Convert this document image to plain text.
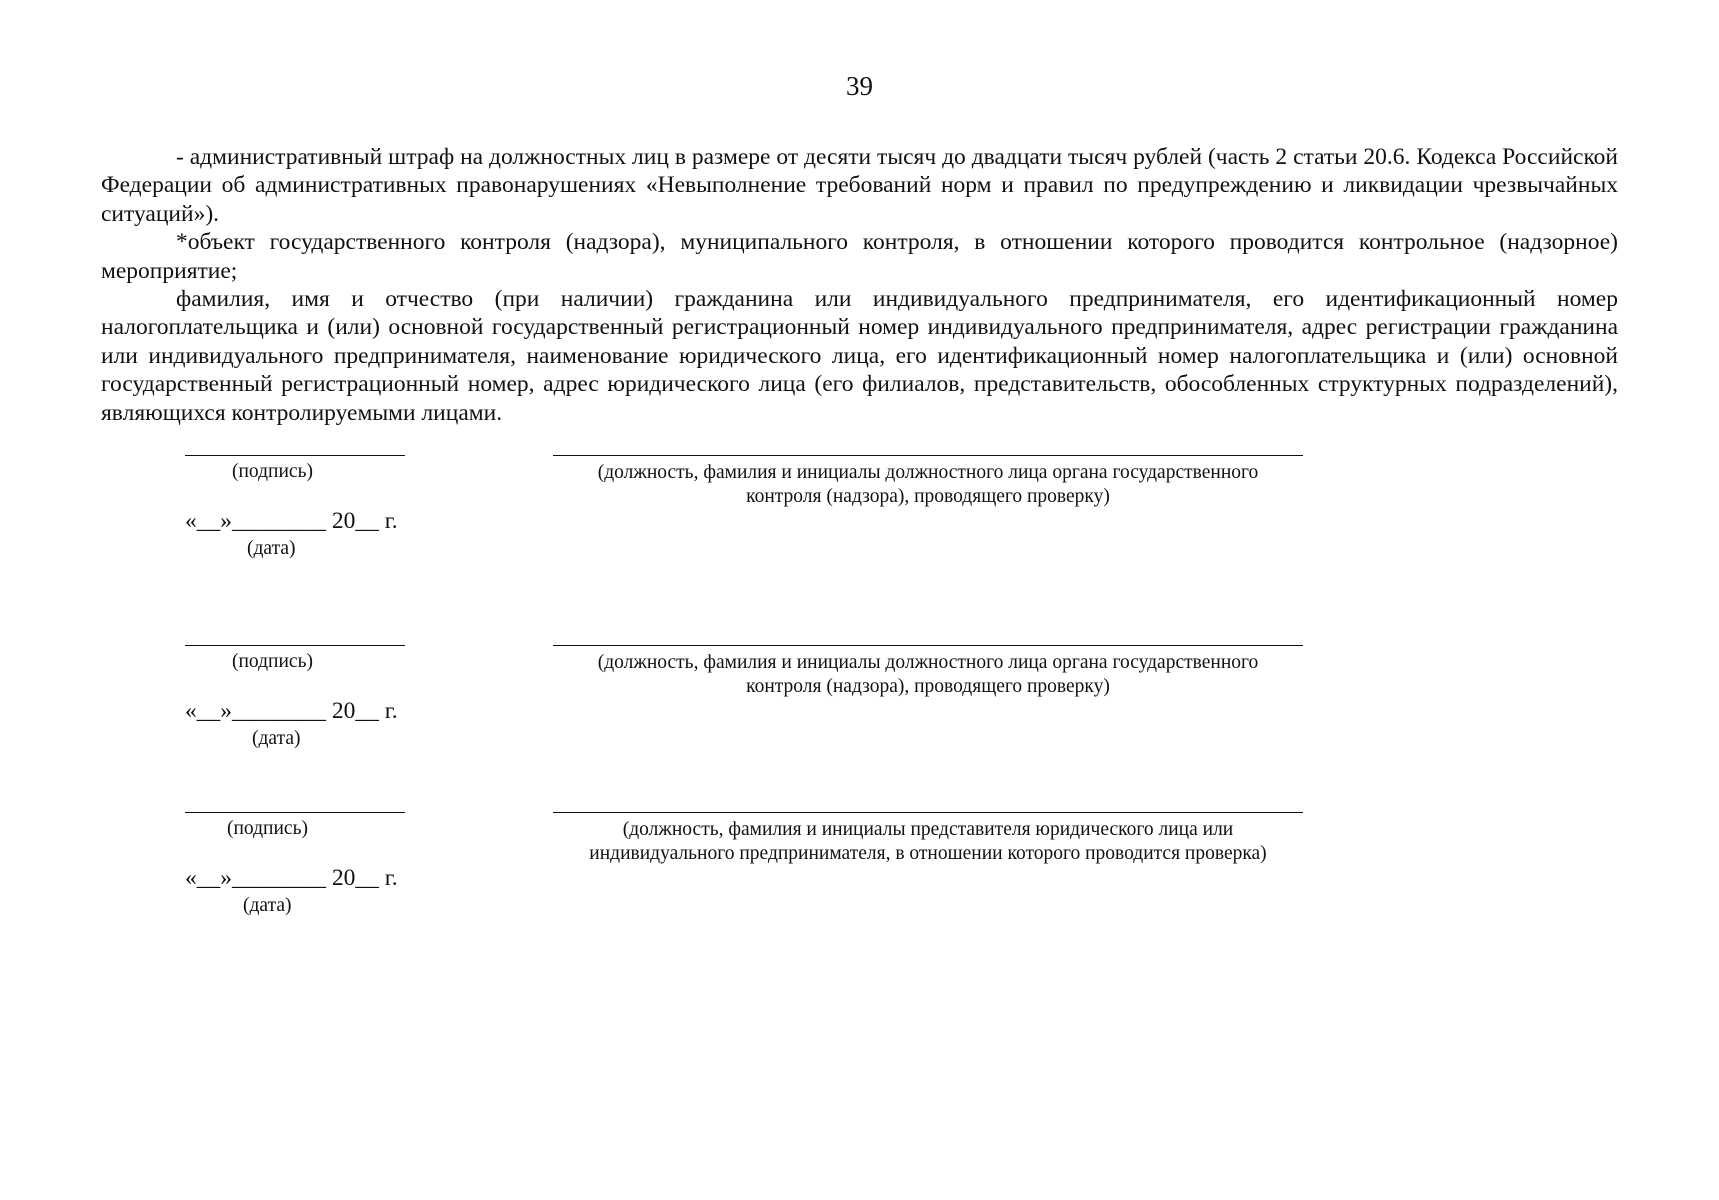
39

- административный штраф на должностных лиц в размере от десяти тысяч до двадцати тысяч рублей (часть 2 статьи 20.6. Кодекса Российской Федерации об административных правонарушениях «Невыполнение требований норм и правил по предупреждению и ликвидации чрезвычайных ситуаций»).

*объект государственного контроля (надзора), муниципального контроля, в отношении которого проводится контрольное (надзорное) мероприятие;

фамилия, имя и отчество (при наличии) гражданина или индивидуального предпринимателя, его идентификационный номер налогоплательщика и (или) основной государственный регистрационный номер индивидуального предпринимателя, адрес регистрации гражданина или индивидуального предпринимателя, наименование юридического лица, его идентификационный номер налогоплательщика и (или) основной государственный регистрационный номер, адрес юридического лица (его филиалов, представительств, обособленных структурных подразделений), являющихся контролируемыми лицами.

(подпись)	(должность, фамилия и инициалы должностного лица органа государственного
контроля (надзора), проводящего проверку)
«__»________ 20__ г.
(дата)
(подпись)	(должность, фамилия и инициалы должностного лица органа государственного
контроля (надзора), проводящего проверку)
«__»________ 20__ г.
(дата)
(подпись)	(должность, фамилия и инициалы представителя юридического лица или
индивидуального предпринимателя, в отношении которого проводится проверка)
«__»________ 20__ г.
(дата)
